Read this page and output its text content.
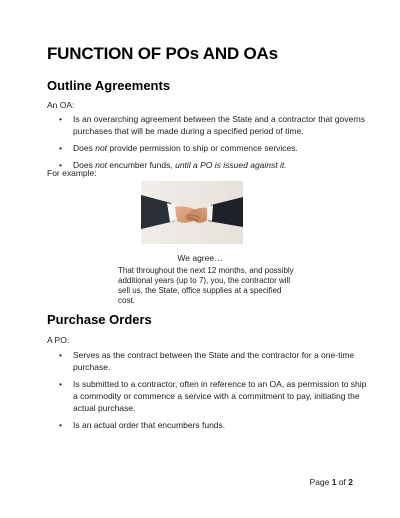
FUNCTION OF POs AND OAs
Outline Agreements

An OA:

• Is an overarching agreement between the State and a contractor that governs purchases that will be made during a specified period of time.
• Does not provide permission to ship or commence services.
• Does not encumber funds, until a PO is issued against it.

For example:

We agree…
That throughout the next 12 months, and possibly additional years (up to 7), you, the contractor will sell us, the State, office supplies at a specified cost.
Purchase Orders

A PO:

• Serves as the contract between the State and the contractor for a one-time purchase.
• Is submitted to a contractor, often in reference to an OA, as permission to ship a commodity or commence a service with a commitment to pay, initiating the actual purchase.
• Is an actual order that encumbers funds.
Page 1 of 2
